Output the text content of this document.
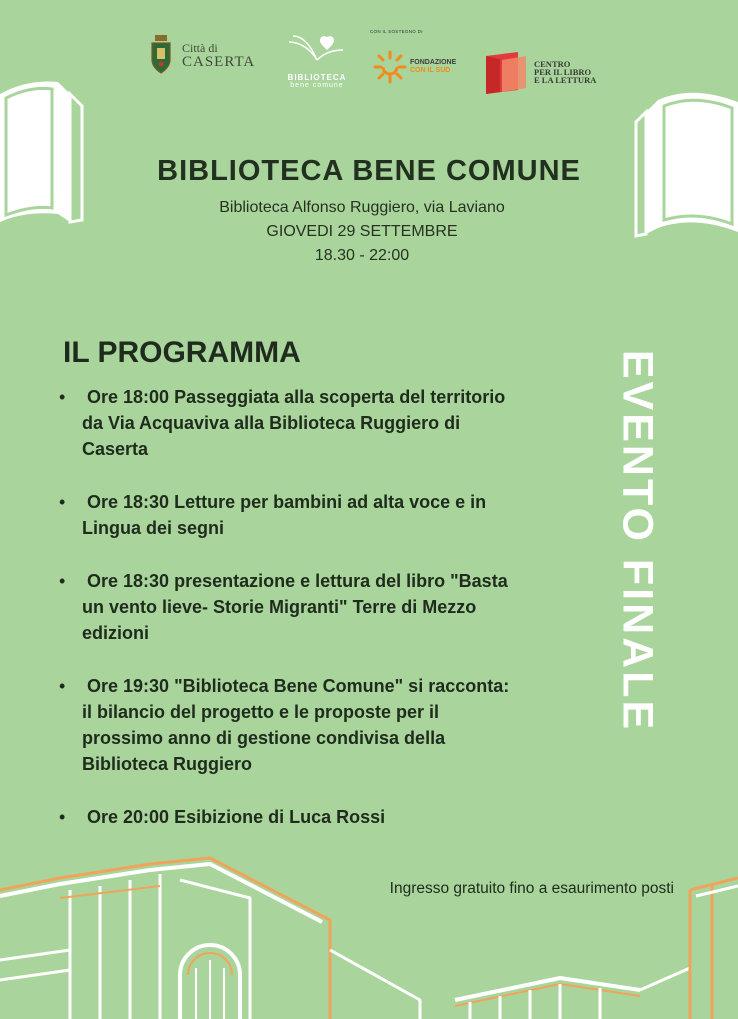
Città di
CASERTA
BIBLIOTECA
bene comune
CON IL SOSTEGNO DI
FONDAZIONE
CON IL SUD
CENTRO
PER IL LIBRO
E LA LETTURA
BIBLIOTECA BENE COMUNE

Biblioteca Alfonso Ruggiero, via Laviano

GIOVEDI 29 SETTEMBRE

18.30 - 22:00

EVENTO FINALE
IL PROGRAMMA
• Ore 18:00 Passeggiata alla scoperta del territorio da Via Acquaviva alla Biblioteca Ruggiero di Caserta
• Ore 18:30 Letture per bambini ad alta voce e in Lingua dei segni
• Ore 18:30 presentazione e lettura del libro "Basta un vento lieve- Storie Migranti" Terre di Mezzo edizioni
• Ore 19:30 "Biblioteca Bene Comune" si racconta: il bilancio del progetto e le proposte per il prossimo anno di gestione condivisa della Biblioteca Ruggiero
• Ore 20:00 Esibizione di Luca Rossi

Ingresso gratuito fino a esaurimento posti
